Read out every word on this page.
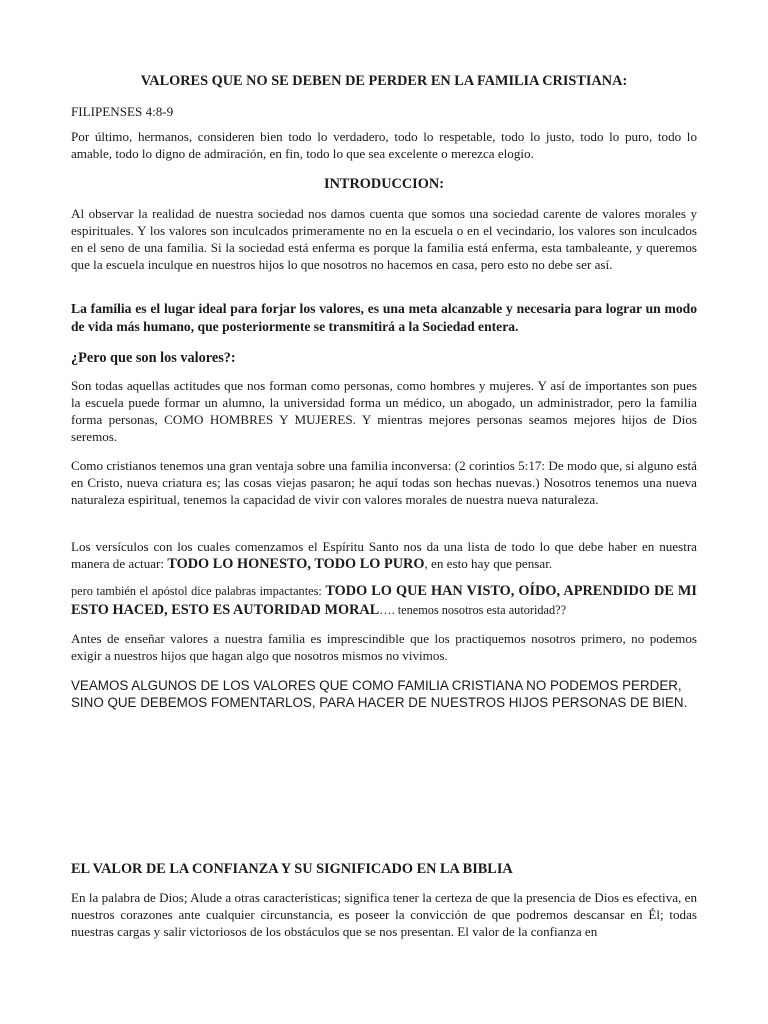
VALORES QUE NO SE DEBEN DE PERDER EN LA FAMILIA CRISTIANA:

FILIPENSES 4:8-9

Por último, hermanos, consideren bien todo lo verdadero, todo lo respetable, todo lo justo, todo lo puro, todo lo amable, todo lo digno de admiración, en fin, todo lo que sea excelente o merezca elogio.

INTRODUCCION:

Al observar la realidad de nuestra sociedad nos damos cuenta que somos una sociedad carente de valores morales y espirituales. Y los valores son inculcados primeramente no en la escuela o en el vecindario, los valores son inculcados en el seno de una familia. Si la sociedad está enferma es porque la familia está enferma, esta tambaleante, y queremos que la escuela inculque en nuestros hijos lo que nosotros no hacemos en casa, pero esto no debe ser así.

La familia es el lugar ideal para forjar los valores, es una meta alcanzable y necesaria para lograr un modo de vida más humano, que posteriormente se transmitirá a la Sociedad entera.

¿Pero que son los valores?:

Son todas aquellas actitudes que nos forman como personas, como hombres y mujeres. Y así de importantes son pues la escuela puede formar un alumno, la universidad forma un médico, un abogado, un administrador, pero la familia forma personas, COMO HOMBRES Y MUJERES. Y mientras mejores personas seamos mejores hijos de Dios seremos.

Como cristianos tenemos una gran ventaja sobre una familia inconversa: (2 corintios 5:17: De modo que, si alguno está en Cristo, nueva criatura es; las cosas viejas pasaron; he aquí todas son hechas nuevas.) Nosotros tenemos una nueva naturaleza espiritual, tenemos la capacidad de vivir con valores morales de nuestra nueva naturaleza.

Los versículos con los cuales comenzamos el Espíritu Santo nos da una lista de todo lo que debe haber en nuestra manera de actuar: TODO LO HONESTO, TODO LO PURO, en esto hay que pensar.

pero también el apóstol dice palabras impactantes: TODO LO QUE HAN VISTO, OÍDO, APRENDIDO DE MI ESTO HACED, ESTO ES AUTORIDAD MORAL…. tenemos nosotros esta autoridad??

Antes de enseñar valores a nuestra familia es imprescindible que los practiquemos nosotros primero, no podemos exigir a nuestros hijos que hagan algo que nosotros mismos no vivimos.

VEAMOS ALGUNOS DE LOS VALORES QUE COMO FAMILIA CRISTIANA NO PODEMOS PERDER, SINO QUE DEBEMOS FOMENTARLOS, PARA HACER DE NUESTROS HIJOS PERSONAS DE BIEN.

EL VALOR DE LA CONFIANZA Y SU SIGNIFICADO EN LA BIBLIA

En la palabra de Dios; Alude a otras características; significa tener la certeza de que la presencia de Dios es efectiva, en nuestros corazones ante cualquier circunstancia, es poseer la convicción de que podremos descansar en Él; todas nuestras cargas y salir victoriosos de los obstáculos que se nos presentan. El valor de la confianza en
